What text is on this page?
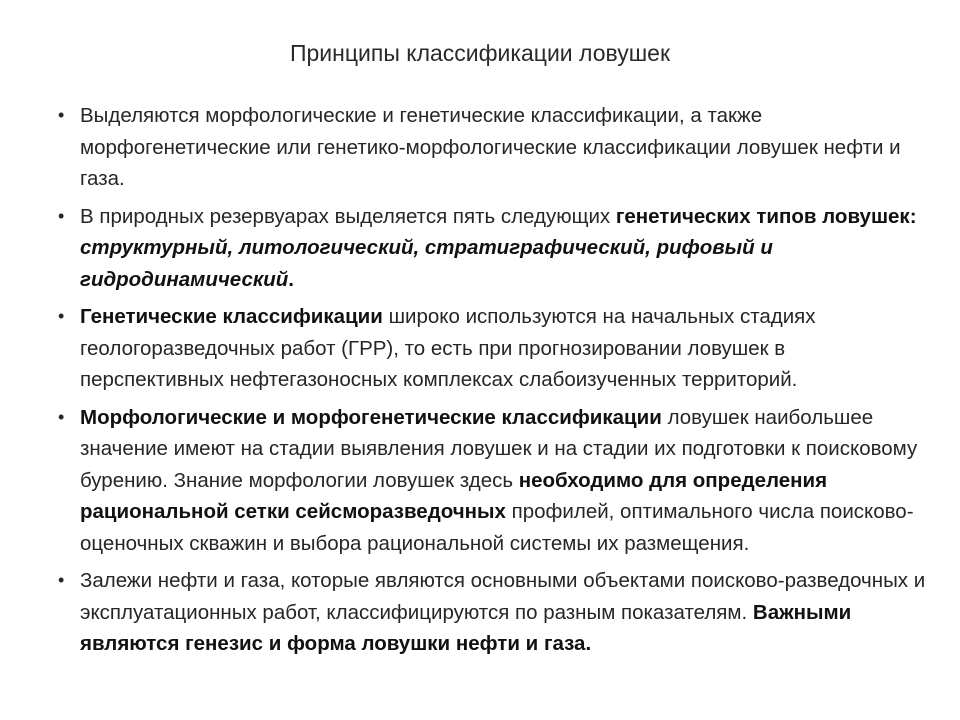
Принципы классификации ловушек
• Выделяются морфологические и генетические классификации, а также морфогенетические или генетико-морфологические классификации ловушек нефти и газа.
• В природных резервуарах выделяется пять следующих генетических типов ловушек: структурный, литологический, стратиграфический, рифовый и гидродинамический.
• Генетические классификации широко используются на начальных стадиях геологоразведочных работ (ГРР), то есть при прогнозировании ловушек в перспективных нефтегазоносных комплексах слабоизученных территорий.
• Морфологические и морфогенетические классификации ловушек наибольшее значение имеют на стадии выявления ловушек и на стадии их подготовки к поисковому бурению. Знание морфологии ловушек здесь необходимо для определения рациональной сетки сейсморазведочных профилей, оптимального числа поисково-оценочных скважин и выбора рациональной системы их размещения.
• Залежи нефти и газа, которые являются основными объектами поисково-разведочных и эксплуатационных работ, классифицируются по разным показателям. Важными являются генезис и форма ловушки нефти и газа.
